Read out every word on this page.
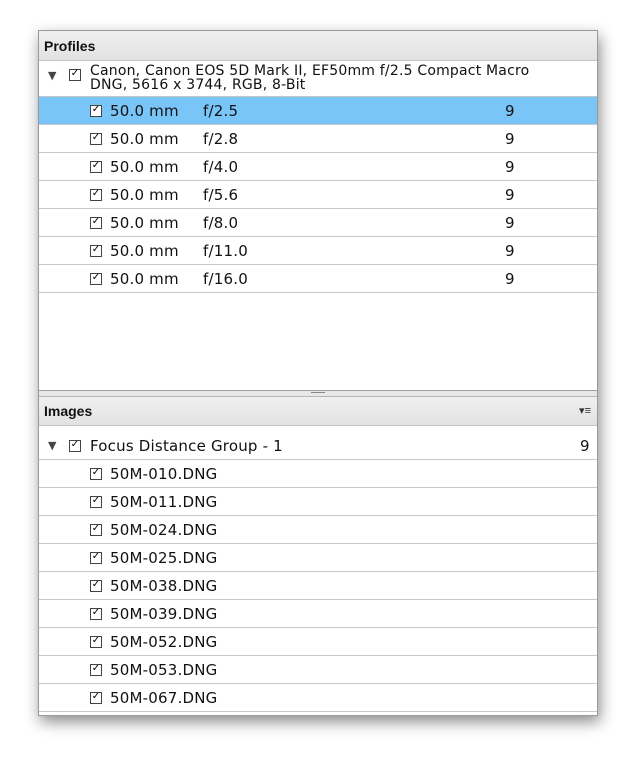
Profiles
▼ ✓ Canon, Canon EOS 5D Mark II, EF50mm f/2.5 Compact Macro
DNG, 5616 x 3744, RGB, 8-Bit
✓
50.0 mm f/2.5	9
✓
50.0 mm f/2.8	9
✓
50.0 mm f/4.0	9
✓
50.0 mm f/5.6	9
✓
50.0 mm f/8.0	9
✓
50.0 mm f/11.0	9
✓
50.0 mm f/16.0	9
Images	▾≡
▼ ✓ Focus Distance Group - 1	9
✓
50M-010.DNG
✓
50M-011.DNG
✓
50M-024.DNG
✓
50M-025.DNG
✓
50M-038.DNG
✓
50M-039.DNG
✓
50M-052.DNG
✓
50M-053.DNG
✓
50M-067.DNG
